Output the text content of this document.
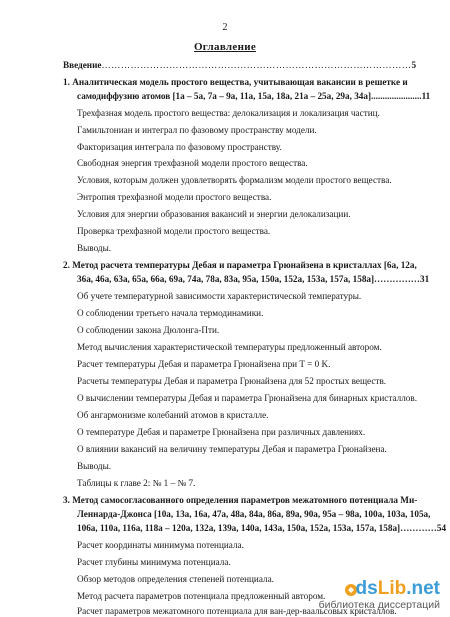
2
Оглавление
Введение……………………………………………………………………………………5
1. Аналитическая модель простого вещества, учитывающая вакансии в решетке и
самодиффузию атомов [1а – 5а, 7а – 9а, 11а, 15а, 18а, 21а – 25а, 29а, 34а]......................11
Трехфазная модель простого вещества: делокализация и локализация частиц.
Гамильтониан и интеграл по фазовому пространству модели.
Факторизация интеграла по фазовому пространству.
Свободная энергия трехфазной модели простого вещества.
Условия, которым должен удовлетворять формализм модели простого вещества.
Энтропия трехфазной модели простого вещества.
Условия для энергии образования вакансий и энергии делокализации.
Проверка трехфазной модели простого вещества.
Выводы.
2. Метод расчета температуры Дебая и параметра Грюнайзена в кристаллах [6а, 12а,
36а, 46а, 63а, 65а, 66а, 69а, 74а, 78а, 83а, 95а, 150а, 152а, 153а, 157а, 158а]……………31
Об учете температурной зависимости характеристической температуры.
О соблюдении третьего начала термодинамики.
О соблюдении закона Дюлонга-Пти.
Метод вычисления характеристической температуры предложенный автором.
Расчет температуры Дебая и параметра Грюнайзена при T = 0 K.
Расчеты температуры Дебая и параметра Грюнайзена для 52 простых веществ.
О вычислении температуры Дебая и параметра Грюнайзена для бинарных кристаллов.
Об ангармонизме колебаний атомов в кристалле.
О температуре Дебая и параметре Грюнайзена при различных давлениях.
О влиянии вакансий на величину температуры Дебая и параметра Грюнайзена.
Выводы.
Таблицы к главе 2: № 1 – № 7.
3. Метод самосогласованного определения параметров межатомного потенциала Ми-
Леннарда-Джонса [10а, 13а, 16а, 47а, 48а, 84а, 86а, 89а, 90а, 95а – 98а, 100а, 103а, 105а,
106а, 110а, 116а, 118а – 120а, 132а, 139а, 140а, 143а, 150а, 152а, 153а, 157а, 158а]…………54
Расчет координаты минимума потенциала.
Расчет глубины минимума потенциала.
Обзор методов определения степеней потенциала.
Метод расчета параметров потенциала предложенный автором.
Расчет параметров межатомного потенциала для ван-дер-ваальсовых кристаллов.
dsLib.net
библиотека диссертаций
